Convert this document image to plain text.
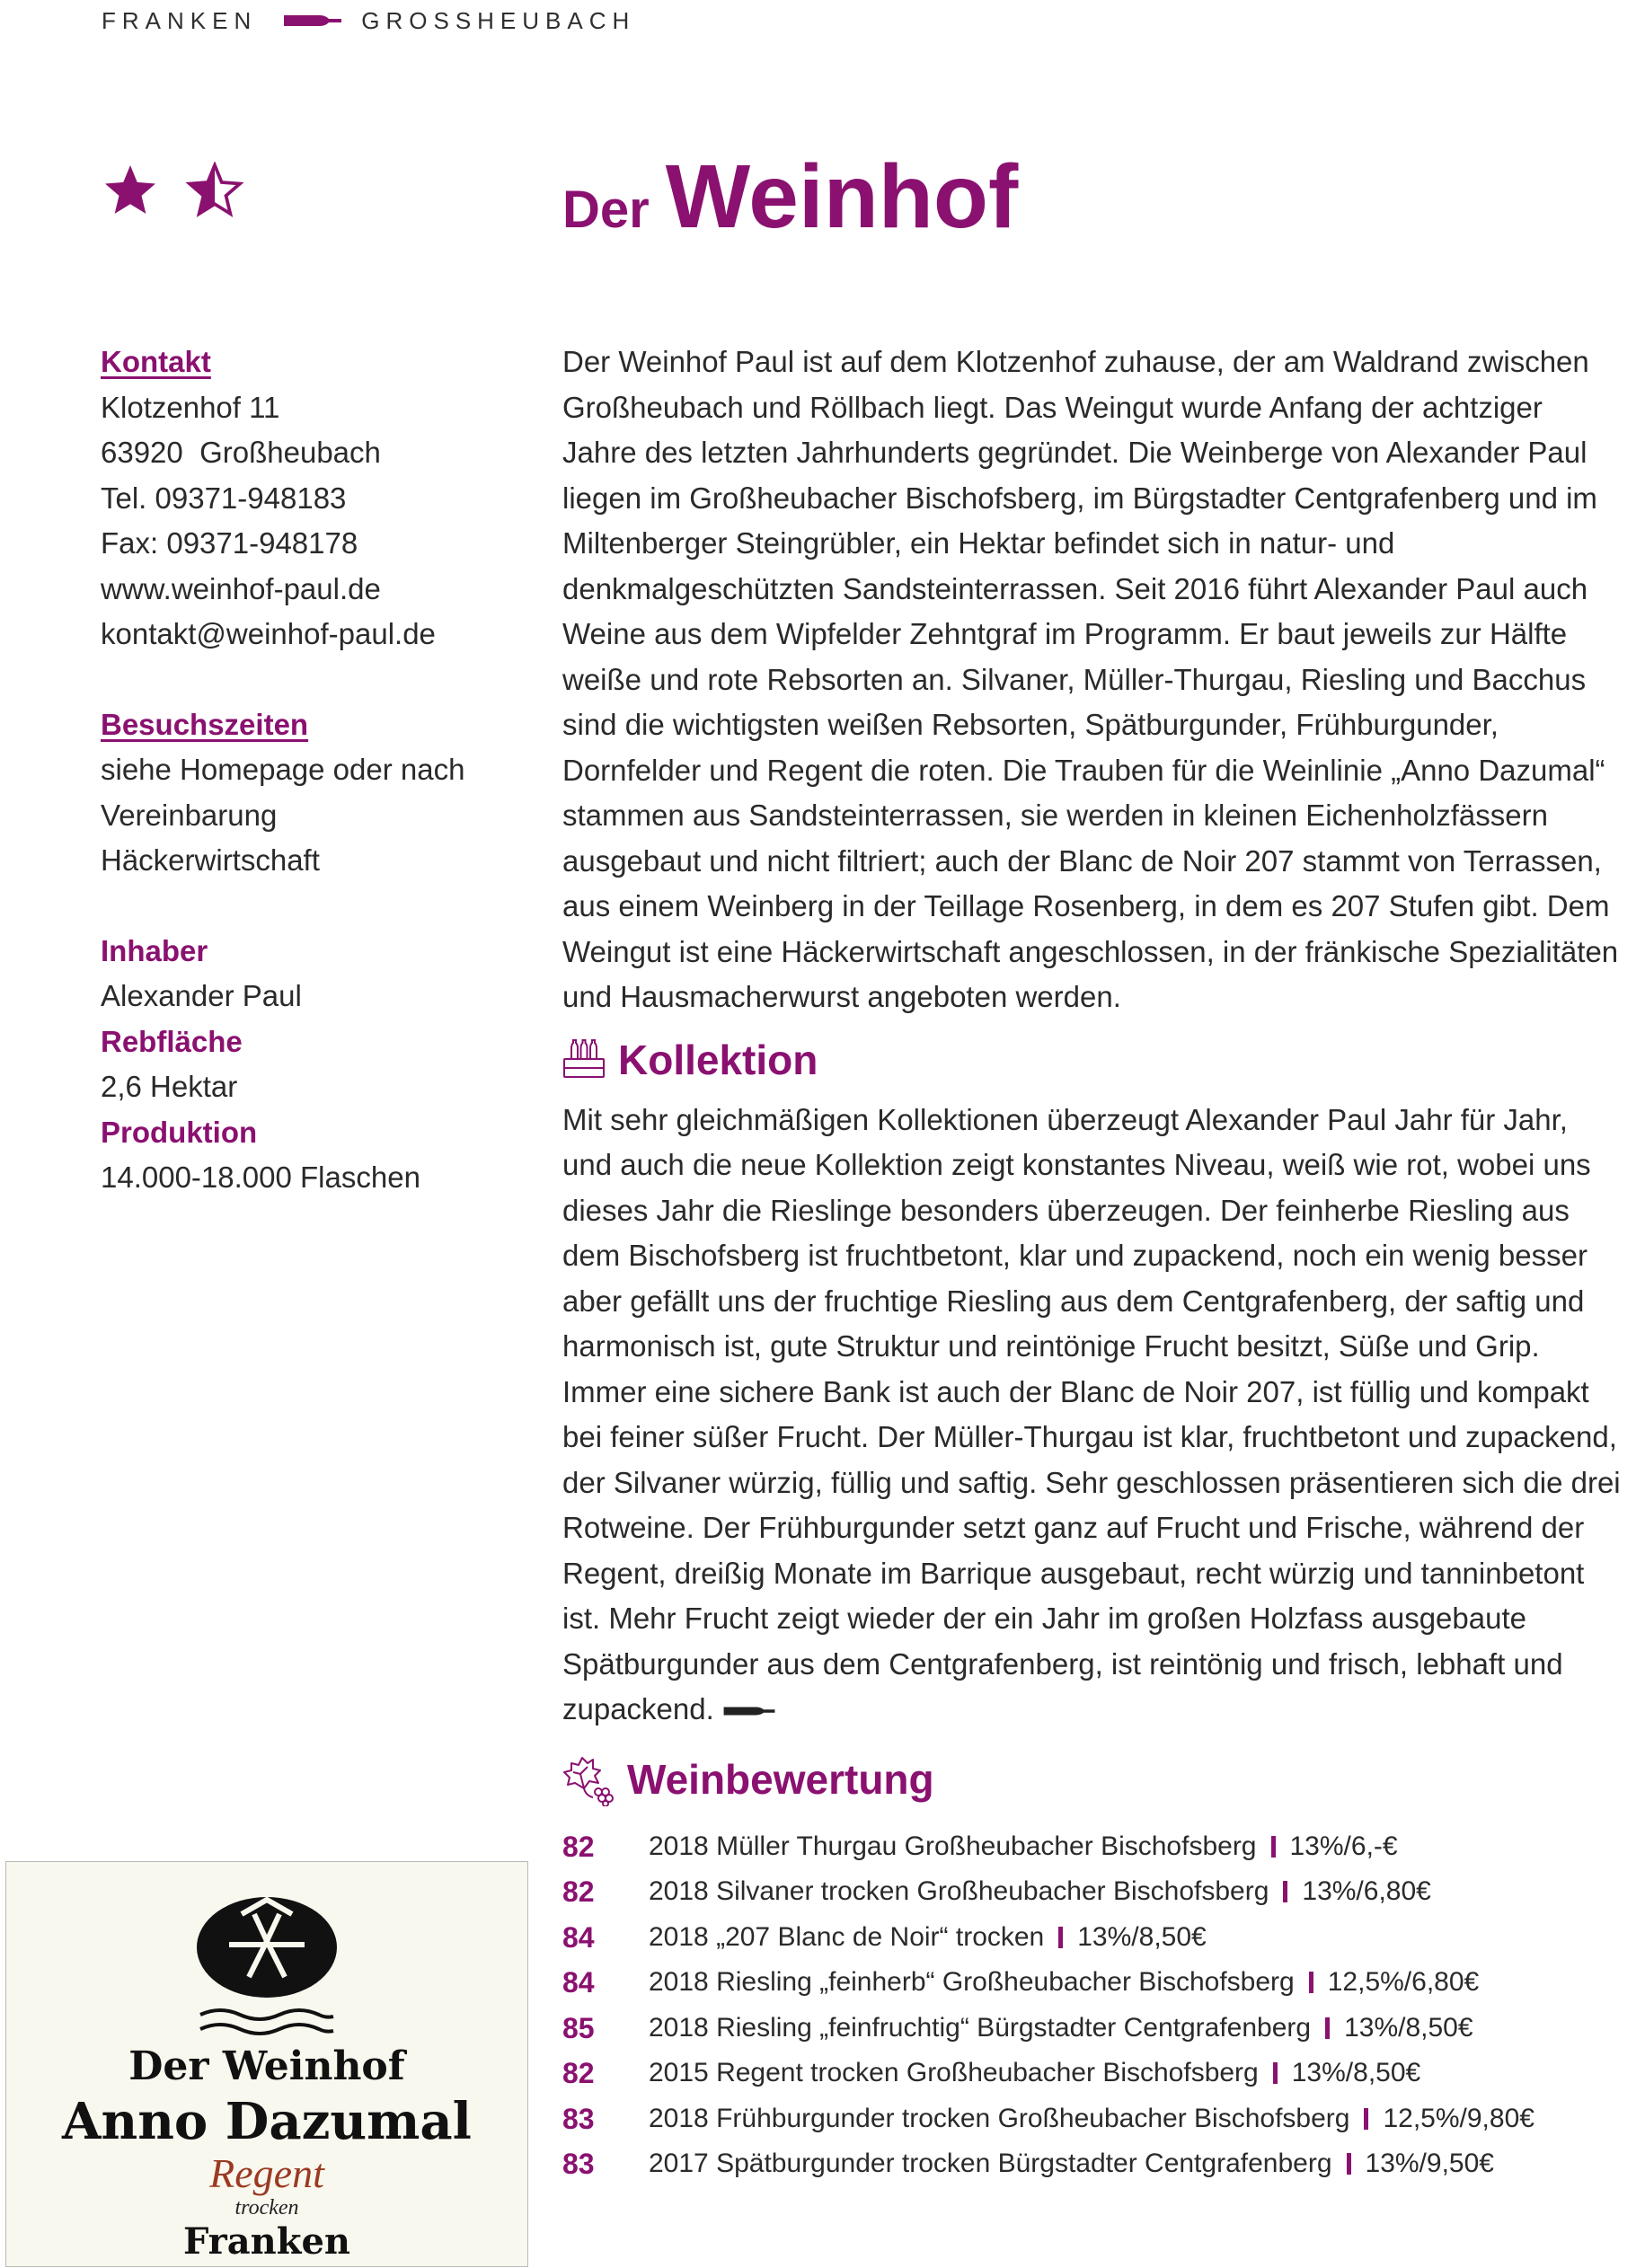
FRANKEN	GROSSHEUBACH
Der Weinhof
Kontakt
Klotzenhof 11
63920  Großheubach
Tel. 09371-948183
Fax: 09371-948178
www.weinhof-paul.de
kontakt@weinhof-paul.de
Besuchszeiten
siehe Homepage oder nach
Vereinbarung
Häckerwirtschaft
Inhaber
Alexander Paul
Rebfläche
2,6 Hektar
Produktion
14.000-18.000 Flaschen

Der Weinhof Paul ist auf dem Klotzenhof zuhause, der am Waldrand zwischen Großheubach und Röllbach liegt. Das Weingut wurde Anfang der achtziger Jahre des letzten Jahrhunderts gegründet. Die Weinberge von Alexander Paul liegen im Großheubacher Bischofsberg, im Bürgstadter Centgrafenberg und im Miltenberger Steingrübler, ein Hektar befindet sich in natur- und denkmalgeschützten Sandsteinterrassen. Seit 2016 führt Alexander Paul auch Weine aus dem Wipfelder Zehntgraf im Programm. Er baut jeweils zur Hälfte weiße und rote Rebsorten an. Silvaner, Müller-Thurgau, Riesling und Bacchus sind die wichtigsten weißen Rebsorten, Spätburgunder, Frühburgunder, Dornfelder und Regent die roten. Die Trauben für die Weinlinie „Anno Dazumal“ stammen aus Sandsteinterrassen, sie werden in kleinen Eichenholzfässern ausgebaut und nicht filtriert; auch der Blanc de Noir 207 stammt von Terrassen, aus einem Weinberg in der Teillage Rosenberg, in dem es 207 Stufen gibt. Dem Weingut ist eine Häckerwirtschaft angeschlossen, in der fränkische Spezialitäten und Hausmacherwurst angeboten werden.

Kollektion

Mit sehr gleichmäßigen Kollektionen überzeugt Alexander Paul Jahr für Jahr, und auch die neue Kollektion zeigt konstantes Niveau, weiß wie rot, wobei uns dieses Jahr die Rieslinge besonders überzeugen. Der feinherbe Riesling aus dem Bischofsberg ist fruchtbetont, klar und zupackend, noch ein wenig besser aber gefällt uns der fruchtige Riesling aus dem Centgrafenberg, der saftig und harmonisch ist, gute Struktur und reintönige Frucht besitzt, Süße und Grip. Immer eine sichere Bank ist auch der Blanc de Noir 207, ist füllig und kompakt bei feiner süßer Frucht. Der Müller-Thurgau ist klar, fruchtbetont und zupackend, der Silvaner würzig, füllig und saftig. Sehr geschlossen präsentieren sich die drei Rotweine. Der Frühburgunder setzt ganz auf Frucht und Frische, während der Regent, dreißig Monate im Barrique ausgebaut, recht würzig und tanninbetont ist. Mehr Frucht zeigt wieder der ein Jahr im großen Holzfass ausgebaute Spätburgunder aus dem Centgrafenberg, ist reintönig und frisch, lebhaft und zupackend.

Weinbewertung
82	2018 Müller Thurgau Großheubacher Bischofsberg 13%/6,-€
82	2018 Silvaner trocken Großheubacher Bischofsberg 13%/6,80€
84	2018 „207 Blanc de Noir“ trocken 13%/8,50€
84	2018 Riesling „feinherb“ Großheubacher Bischofsberg 12,5%/6,80€
85	2018 Riesling „feinfruchtig“ Bürgstadter Centgrafenberg 13%/8,50€
82	2015 Regent trocken Großheubacher Bischofsberg 13%/8,50€
83	2018 Frühburgunder trocken Großheubacher Bischofsberg 12,5%/9,80€
83	2017 Spätburgunder trocken Bürgstadter Centgrafenberg 13%/9,50€
Der Weinhof
Anno Dazumal
Regent
trocken
Franken
